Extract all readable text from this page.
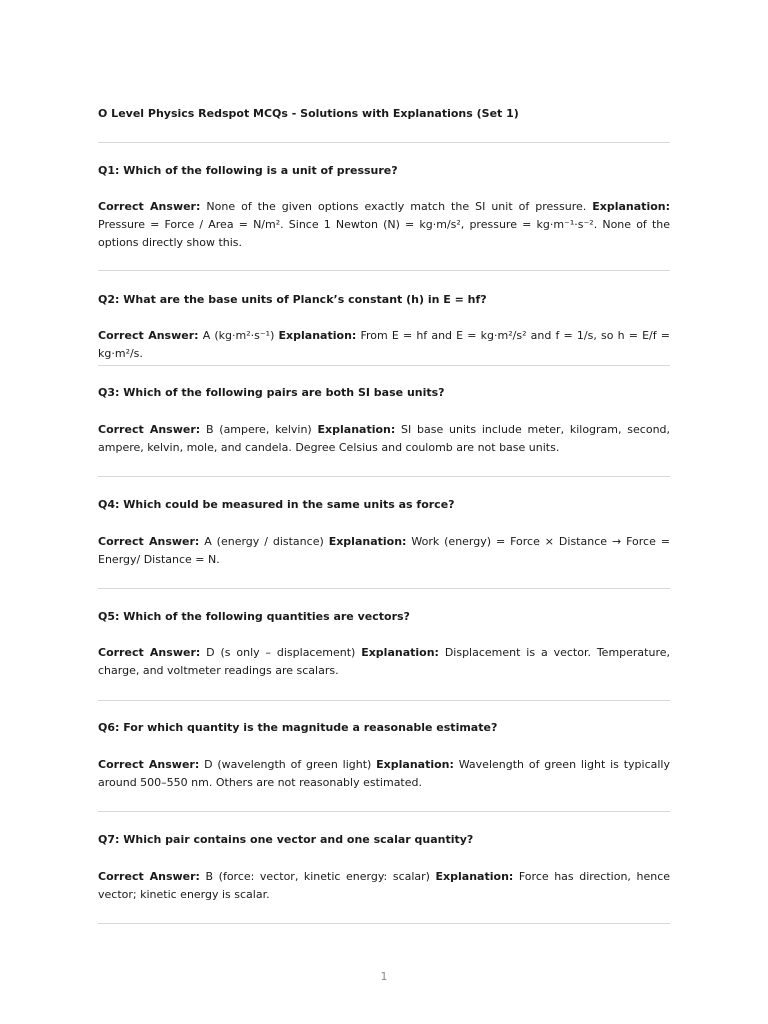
O Level Physics Redspot MCQs - Solutions with Explanations (Set 1)
Q1: Which of the following is a unit of pressure?
Correct Answer: None of the given options exactly match the SI unit of pressure. Explanation: Pressure = Force / Area = N/m². Since 1 Newton (N) = kg·m/s², pressure = kg·m⁻¹·s⁻². None of the options directly show this.
Q2: What are the base units of Planck’s constant (h) in E = hf?
Correct Answer: A (kg·m²·s⁻¹) Explanation: From E = hf and E = kg·m²/s² and f = 1/s, so h = E/f = kg·m²/s.
Q3: Which of the following pairs are both SI base units?
Correct Answer: B (ampere, kelvin) Explanation: SI base units include meter, kilogram, second, ampere, kelvin, mole, and candela. Degree Celsius and coulomb are not base units.
Q4: Which could be measured in the same units as force?
Correct Answer: A (energy / distance) Explanation: Work (energy) = Force × Distance → Force = Energy/ Distance = N.
Q5: Which of the following quantities are vectors?
Correct Answer: D (s only – displacement) Explanation: Displacement is a vector. Temperature, charge, and voltmeter readings are scalars.
Q6: For which quantity is the magnitude a reasonable estimate?
Correct Answer: D (wavelength of green light) Explanation: Wavelength of green light is typically around 500–550 nm. Others are not reasonably estimated.
Q7: Which pair contains one vector and one scalar quantity?
Correct Answer: B (force: vector, kinetic energy: scalar) Explanation: Force has direction, hence vector; kinetic energy is scalar.
1
